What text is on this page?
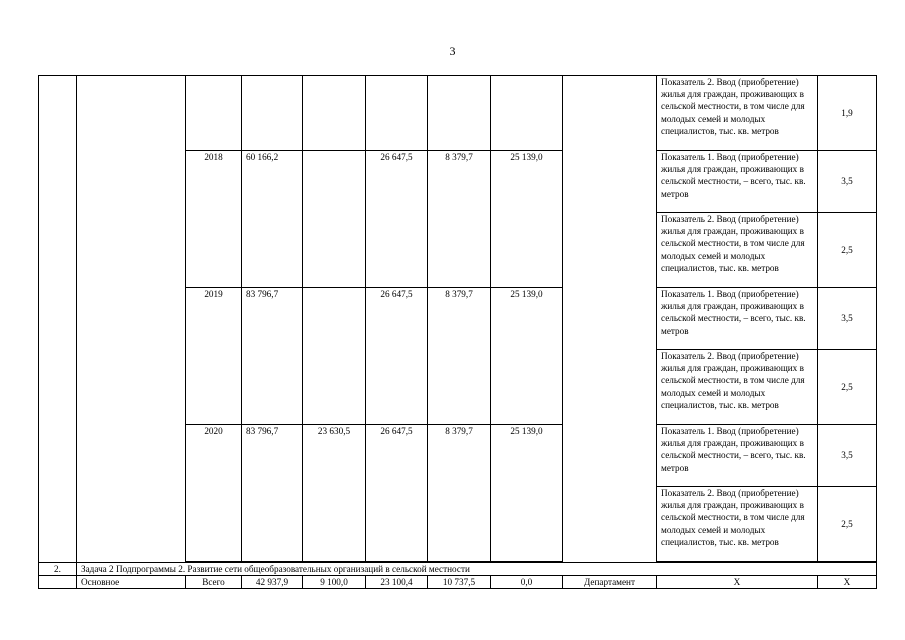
3
									Показатель 2. Ввод (приобретение) жилья для граждан, проживающих в сельской местности, в том числе для молодых семей и молодых специалистов, тыс. кв. метров	1,9
		2018	60 166,2		26 647,5	8 379,7	25 139,0		Показатель 1. Ввод (приобретение) жилья для граждан, проживающих в сельской местности, – всего, тыс. кв. метров	3,5
									Показатель 2. Ввод (приобретение) жилья для граждан, проживающих в сельской местности, в том числе для молодых семей и молодых специалистов, тыс. кв. метров	2,5
		2019	83 796,7		26 647,5	8 379,7	25 139,0		Показатель 1. Ввод (приобретение) жилья для граждан, проживающих в сельской местности, – всего, тыс. кв. метров	3,5
									Показатель 2. Ввод (приобретение) жилья для граждан, проживающих в сельской местности, в том числе для молодых семей и молодых специалистов, тыс. кв. метров	2,5
		2020	83 796,7	23 630,5	26 647,5	8 379,7	25 139,0		Показатель 1. Ввод (приобретение) жилья для граждан, проживающих в сельской местности, – всего, тыс. кв. метров	3,5
									Показатель 2. Ввод (приобретение) жилья для граждан, проживающих в сельской местности, в том числе для молодых семей и молодых специалистов, тыс. кв. метров	2,5

2.	Задача 2 Подпрограммы 2. Развитие сети общеобразовательных организаций в сельской местности									
	Основное	Всего	42 937,9	9 100,0	23 100,4	10 737,5	0,0	Департамент	Х	Х
